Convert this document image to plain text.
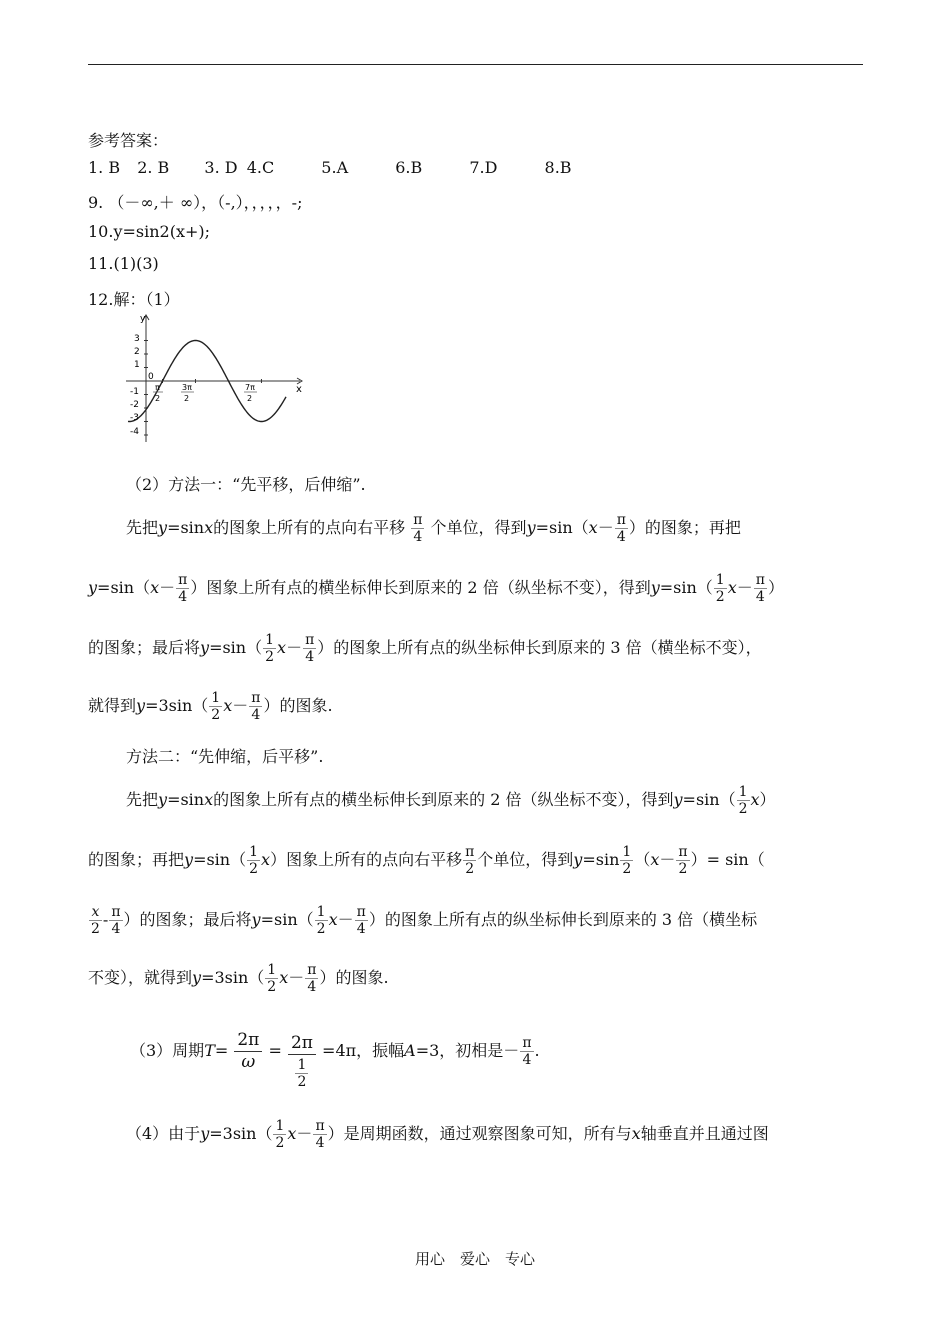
参考答案：
1. B 2. B 3. D 4.C	5.A	6.B	7.D	8.B
9. （－∞,＋ ∞），（-,），，，，，-;
10.y=sin2(x+);
11.(1)(3)
12.解：（1）
y
x
0
3
2
1
-1
-2
-3
-4
π
2
3π
2
7π
2
（2）方法一：“先平移，后伸缩”.
先把y=sinx的图象上所有的点向右平移 $\frac{\pi}{4}$ 个单位，得到$y=\sin(x- \frac{\pi}{4}$ ）的图象；再把
$y=\sin(x- \frac{\pi}{4}$ ）图象上所有点的横坐标伸长到原来的 2 倍（纵坐标不变），得到$y=\sin( \frac{1}{2} x- \frac{\pi}{4}$ ）
的图象；最后将$y=\sin( \frac{1}{2} x- \frac{\pi}{4}$ ）的图象上所有点的纵坐标伸长到原来的 3 倍（横坐标不变），
就得到$y=3\sin( \frac{1}{2} x- \frac{\pi}{4}$ ）的图象.
方法二：“先伸缩，后平移”.
先把y=sinx的图象上所有点的横坐标伸长到原来的 2 倍（纵坐标不变），得到$y=\sin( \frac{1}{2} x)$
的图象；再把$y=\sin( \frac{1}{2} x)$图象上所有的点向右平移 $\frac{\pi}{2}$ 个单位，得到$y=\sin \frac{1}{2} (x- \frac{\pi}{2}$ ）= sin（
$\frac{x}{2} - \frac{\pi}{4}$ ）的图象；最后将$y=\sin( \frac{1}{2} x- \frac{\pi}{4}$ ）的图象上所有点的纵坐标伸长到原来的 3 倍（横坐标
不变），就得到$y=3\sin( \frac{1}{2} x- \frac{\pi}{4}$ ）的图象.
（3）周期$T= \frac{2\pi}{\omega} = \frac{2\pi}{\frac{1}{2}} =4\pi$，振幅A=3，初相是－ $\frac{\pi}{4}$ .
（4）由于$y=3\sin( \frac{1}{2} x- \frac{\pi}{4}$ ）是周期函数，通过观察图象可知，所有与x轴垂直并且通过图
用心　爱心　专心
